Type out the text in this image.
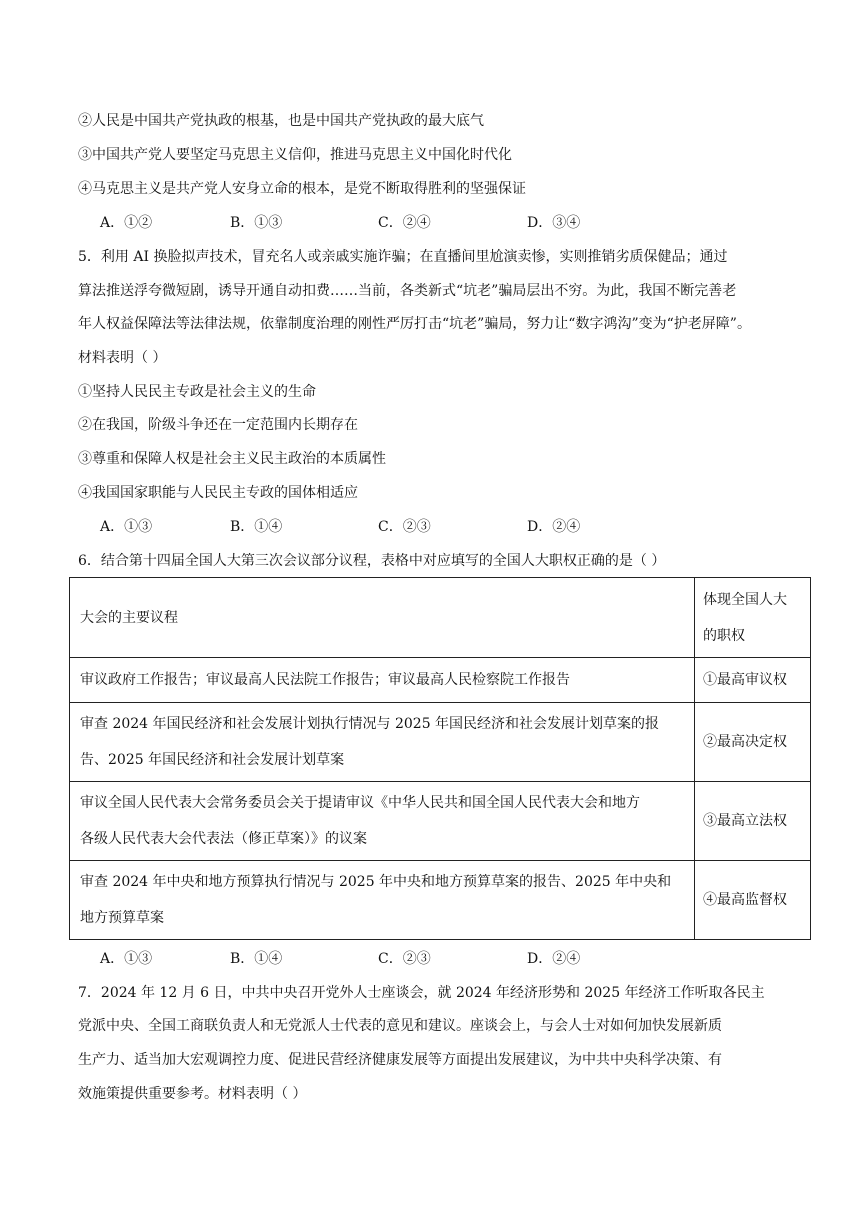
②人民是中国共产党执政的根基，也是中国共产党执政的最大底气
③中国共产党人要坚定马克思主义信仰，推进马克思主义中国化时代化
④马克思主义是共产党人安身立命的根本，是党不断取得胜利的坚强保证
A．①②	B．①③	C．②④	D．③④
5．利用 AI 换脸拟声技术，冒充名人或亲戚实施诈骗；在直播间里尬演卖惨，实则推销劣质保健品；通过
算法推送浮夸微短剧，诱导开通自动扣费……当前，各类新式“坑老”骗局层出不穷。为此，我国不断完善老
年人权益保障法等法律法规，依靠制度治理的刚性严厉打击“坑老”骗局，努力让“数字鸿沟”变为“护老屏障”。
材料表明（ ）
①坚持人民民主专政是社会主义的生命
②在我国，阶级斗争还在一定范围内长期存在
③尊重和保障人权是社会主义民主政治的本质属性
④我国国家职能与人民民主专政的国体相适应
A．①③	B．①④	C．②③	D．②④
6．结合第十四届全国人大第三次会议部分议程，表格中对应填写的全国人大职权正确的是（ ）
大会的主要议程	体现全国人大
的职权

审议政府工作报告；审议最高人民法院工作报告；审议最高人民检察院工作报告	①最高审议权

审查 2024 年国民经济和社会发展计划执行情况与 2025 年国民经济和社会发展计划草案的报
告、2025 年国民经济和社会发展计划草案	②最高决定权

审议全国人民代表大会常务委员会关于提请审议《中华人民共和国全国人民代表大会和地方
各级人民代表大会代表法（修正草案）》的议案	③最高立法权

审查 2024 年中央和地方预算执行情况与 2025 年中央和地方预算草案的报告、2025 年中央和
地方预算草案	④最高监督权
A．①③	B．①④	C．②③	D．②④
7．2024 年 12 月 6 日，中共中央召开党外人士座谈会，就 2024 年经济形势和 2025 年经济工作听取各民主
党派中央、全国工商联负责人和无党派人士代表的意见和建议。座谈会上，与会人士对如何加快发展新质
生产力、适当加大宏观调控力度、促进民营经济健康发展等方面提出发展建议，为中共中央科学决策、有
效施策提供重要参考。材料表明（ ）
